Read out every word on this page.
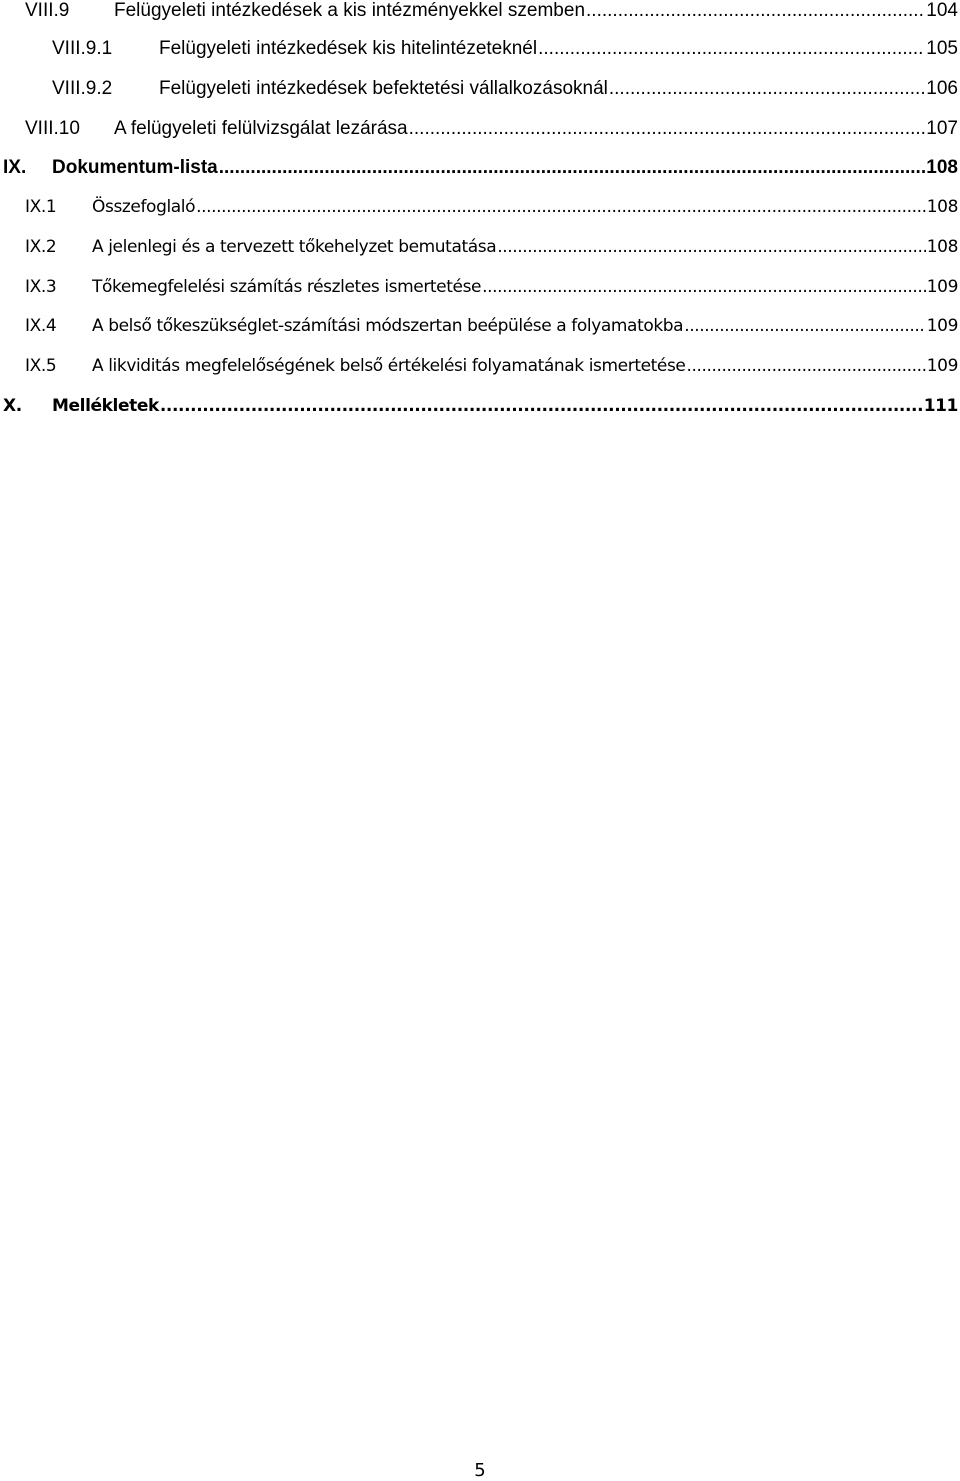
VIII.9 Felügyeleti intézkedések a kis intézményekkel szemben .....	104
VIII.9.1 Felügyeleti intézkedések kis hitelintézeteknél .....	105
VIII.9.2 Felügyeleti intézkedések befektetési vállalkozásoknál .....	106
VIII.10 A felügyeleti felülvizsgálat lezárása .....	107
IX. Dokumentum-lista .....	108
IX.1 Összefoglaló .....	108
IX.2 A jelenlegi és a tervezett tőkehelyzet bemutatása .....	108
IX.3 Tőkemegfelelési számítás részletes ismertetése .....	109
IX.4 A belső tőkeszükséglet-számítási módszertan beépülése a folyamatokba .....	109
IX.5 A likviditás megfelelőségének belső értékelési folyamatának ismertetése .....	109
X. Mellékletek .....	111
5
